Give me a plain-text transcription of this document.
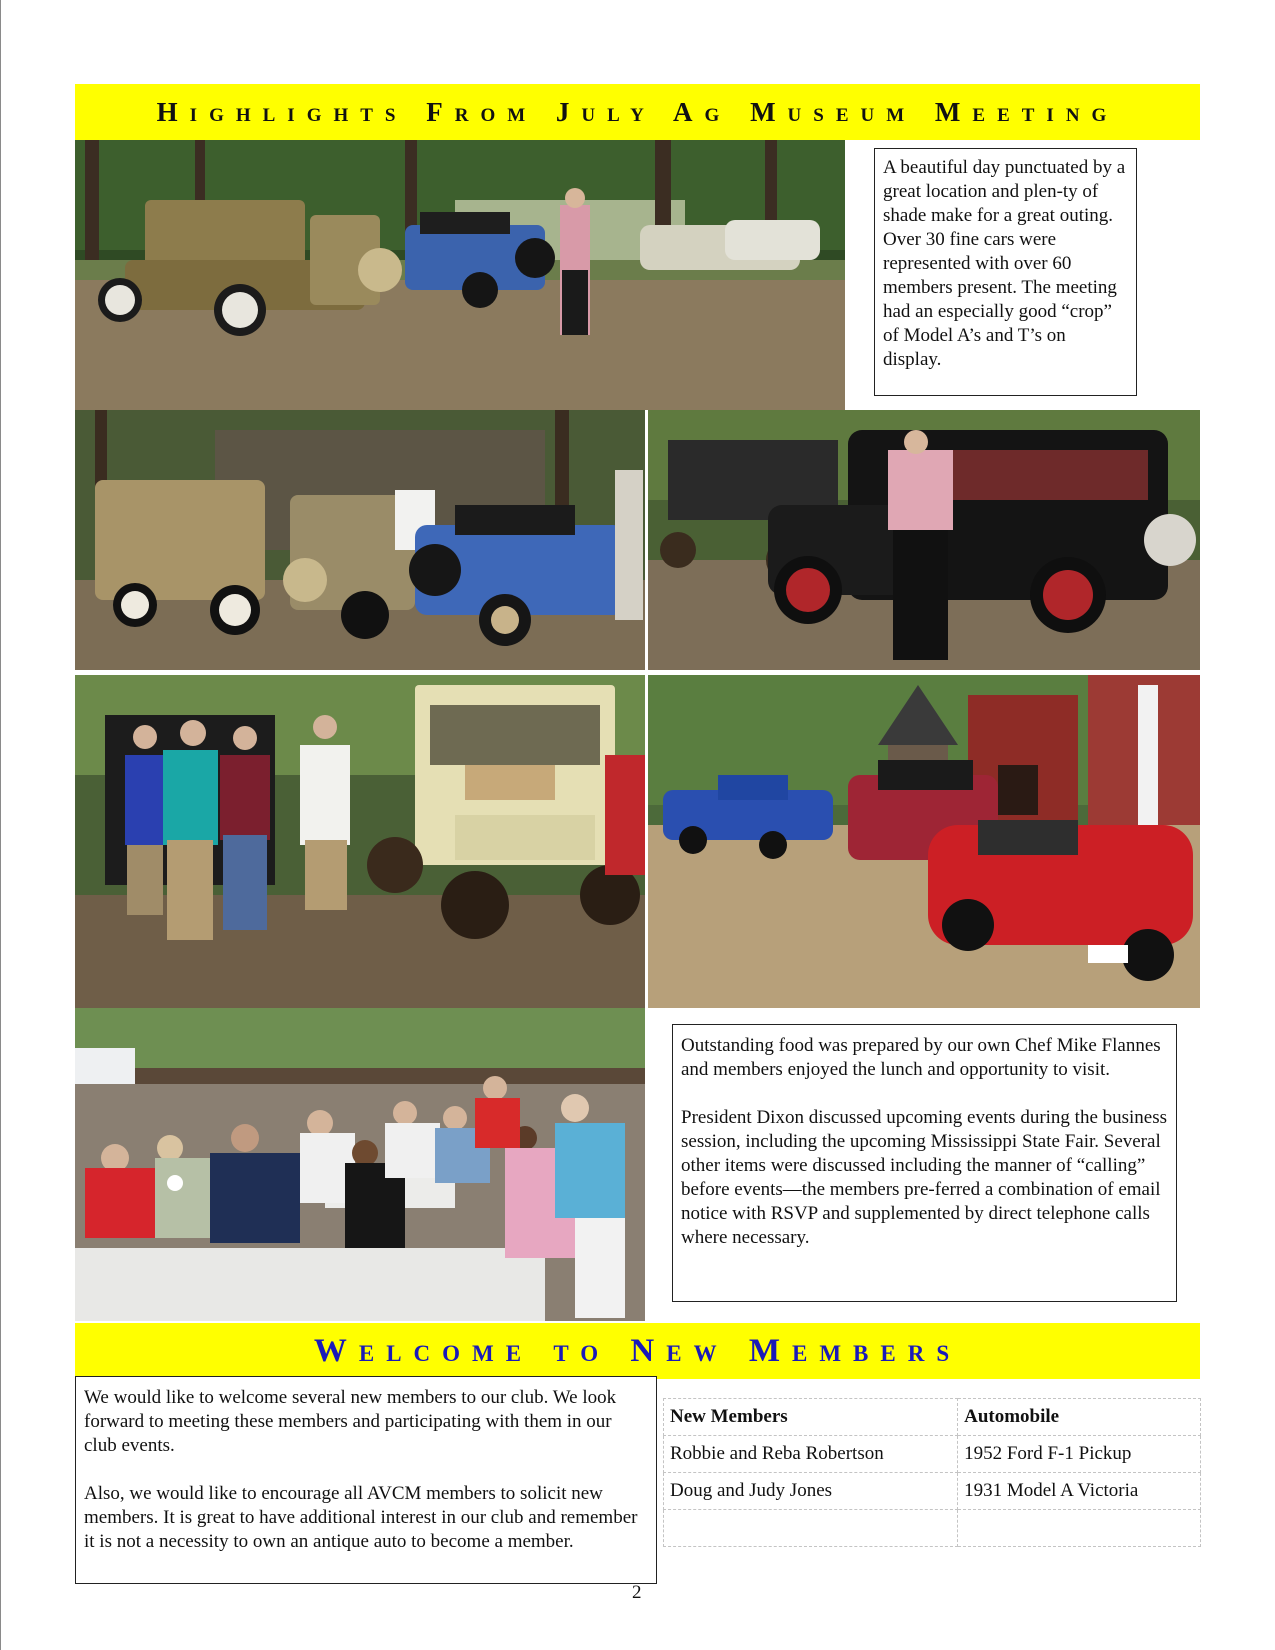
Highlights From July Ag Museum Meeting

A beautiful day punctuated by a great location and plen-ty of shade make for a great outing. Over 30 fine cars were represented with over 60 members present. The meeting had an especially good “crop” of Model A’s and T’s on display.

Outstanding food was prepared by our own Chef Mike Flannes and members enjoyed the lunch and opportunity to visit.

President Dixon discussed upcoming events during the business session, including the upcoming Mississippi State Fair. Several other items were discussed including the manner of “calling” before events—the members pre-ferred a combination of email notice with RSVP and supplemented by direct telephone calls where necessary.

Welcome to New Members

We would like to welcome several new members to our club. We look forward to meeting these members and participating with them in our club events.

Also, we would like to encourage all AVCM members to solicit new members. It is great to have additional interest in our club and remember it is not a necessity to own an antique auto to become a member.

New Members	Automobile
Robbie and Reba Robertson	1952 Ford F-1 Pickup
Doug and Judy Jones	1931 Model A Victoria

2
